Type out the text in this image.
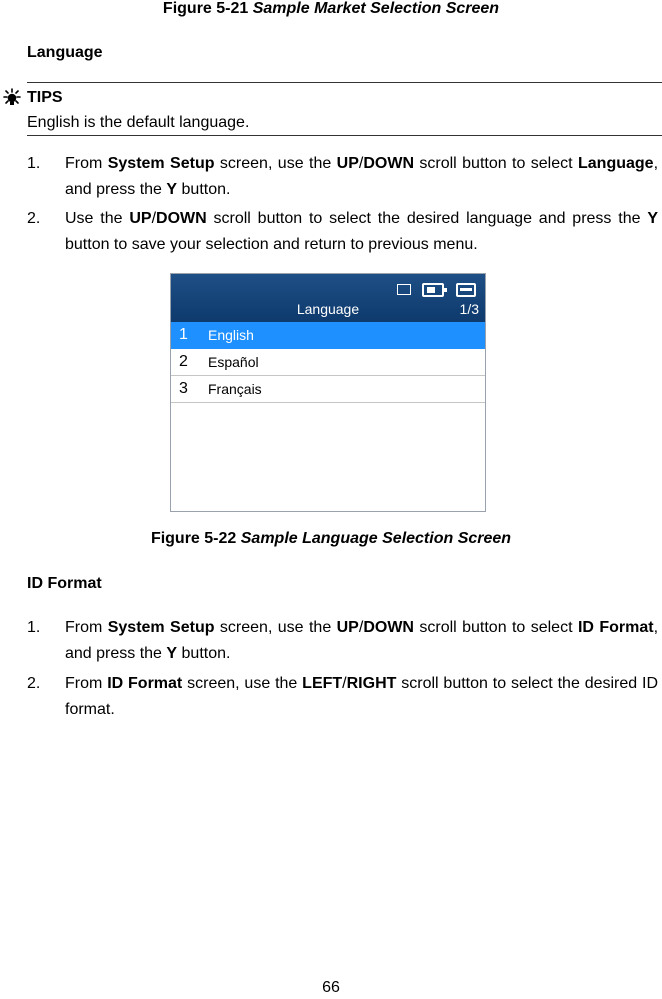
Figure 5-21 Sample Market Selection Screen
Language
TIPS
English is the default language.
1. From System Setup screen, use the UP/DOWN scroll button to select Language, and press the Y button.
2. Use the UP/DOWN scroll button to select the desired language and press the Y button to save your selection and return to previous menu.
Language	1/3
1 English
2 Español
3 Français
Figure 5-22 Sample Language Selection Screen
ID Format
1. From System Setup screen, use the UP/DOWN scroll button to select ID Format, and press the Y button.
2. From ID Format screen, use the LEFT/RIGHT scroll button to select the desired ID format.
66
